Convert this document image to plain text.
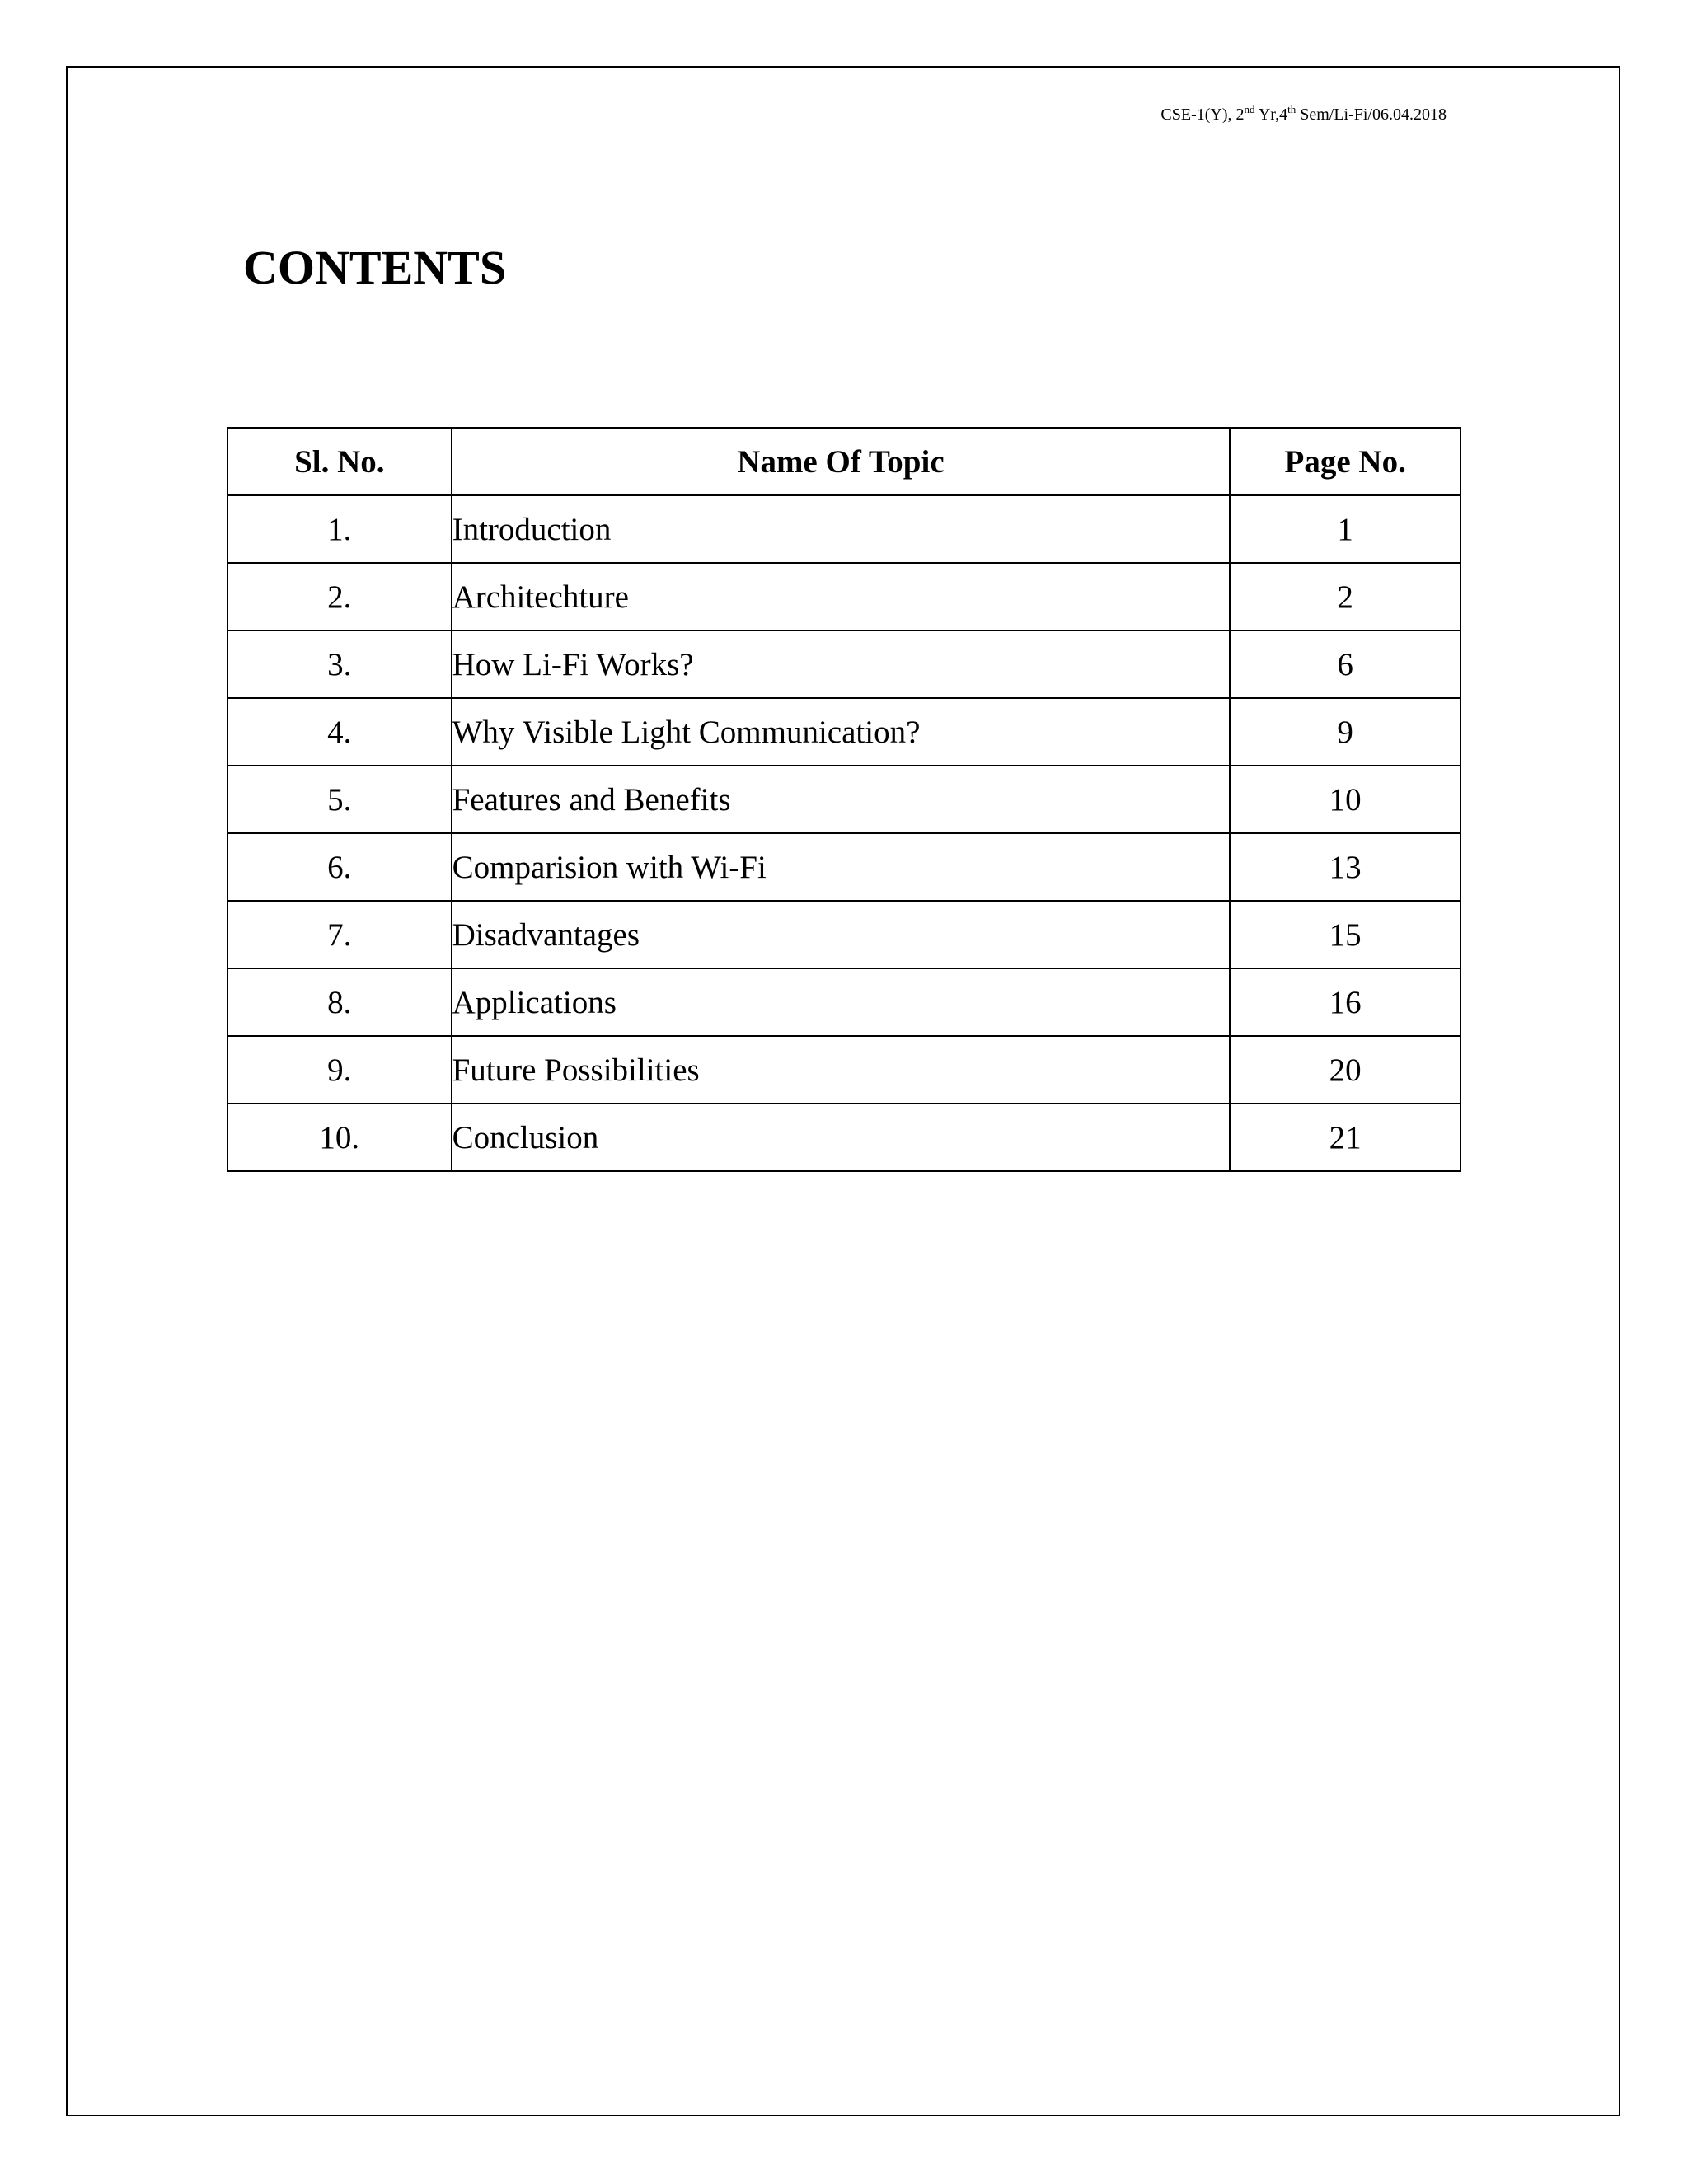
CSE-1(Y), 2nd Yr,4th Sem/Li-Fi/06.04.2018
CONTENTS
Sl. No.	Name Of Topic	Page No.
1.	Introduction	1
2.	Architechture	2
3.	How Li-Fi Works?	6
4.	Why Visible Light Communication?	9
5.	Features and Benefits	10
6.	Comparision with Wi-Fi	13
7.	Disadvantages	15
8.	Applications	16
9.	Future Possibilities	20
10.	Conclusion	21
